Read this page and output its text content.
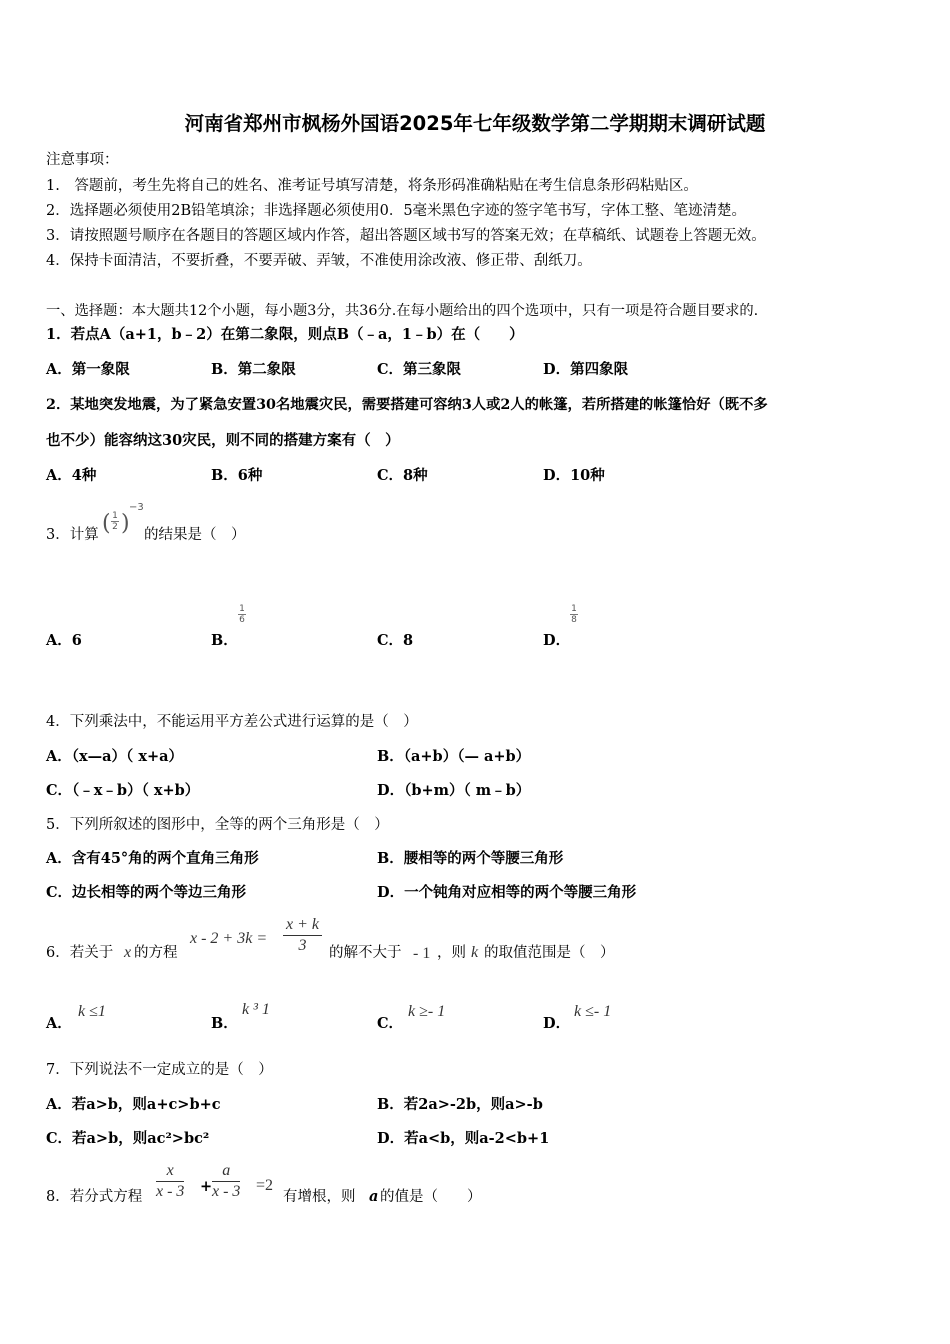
河南省郑州市枫杨外国语2025年七年级数学第二学期期末调研试题
注意事项：
1.　答题前，考生先将自己的姓名、准考证号填写清楚，将条形码准确粘贴在考生信息条形码粘贴区。
2．选择题必须使用2B铅笔填涂；非选择题必须使用0．5毫米黑色字迹的签字笔书写，字体工整、笔迹清楚。
3．请按照题号顺序在各题目的答题区域内作答，超出答题区域书写的答案无效；在草稿纸、试题卷上答题无效。
4．保持卡面清洁，不要折叠，不要弄破、弄皱，不准使用涂改液、修正带、刮纸刀。
一、选择题：本大题共12个小题，每小题3分，共36分.在每小题给出的四个选项中，只有一项是符合题目要求的.
1．若点A（a+1，b﹣2）在第二象限，则点B（﹣a，1﹣b）在（　　）
A．第一象限	B．第二象限	C．第三象限	D．第四象限
2．某地突发地震，为了紧急安置30名地震灾民，需要搭建可容纳3人或2人的帐篷，若所搭建的帐篷恰好（既不多
也不少）能容纳这30灾民，则不同的搭建方案有（　）
A．4种	B．6种	C．8种	D．10种
3．计算 ( 1
2 )
−3
的结果是（　）
A．6	B．
1
6
C．8	D．
1
8
4．下列乘法中，不能运用平方差公式进行运算的是（　）
A．（x—a）（ x+a）	B．（a+b）（— a+b）
C．（﹣x﹣b）（ x+b）	D．（b+m）（ m﹣b）
5．下列所叙述的图形中，全等的两个三角形是（　）
A．含有45°角的两个直角三角形	B．腰相等的两个等腰三角形
C．边长相等的两个等边三角形	D．一个钝角对应相等的两个等腰三角形
6．若关于 x 的方程
$x - 2 + 3k = \frac{x + k}{3}$ 的解不大于 - 1 ，则 k 的取值范围是（　）
A．
k ≤1
B．
k ³ 1
C．
k ≥- 1
D．
k ≤- 1
7．下列说法不一定成立的是（　）
A．若a>b，则a+c>b+c	B．若2a>-2b，则a>-b
C．若a>b，则ac²>bc²	D．若a<b，则a-2<b+1
8．若分式方程 $\frac{x}{x - 3} + \frac{a}{x - 3} =2$
有增根，则 a 的值是（　　）
